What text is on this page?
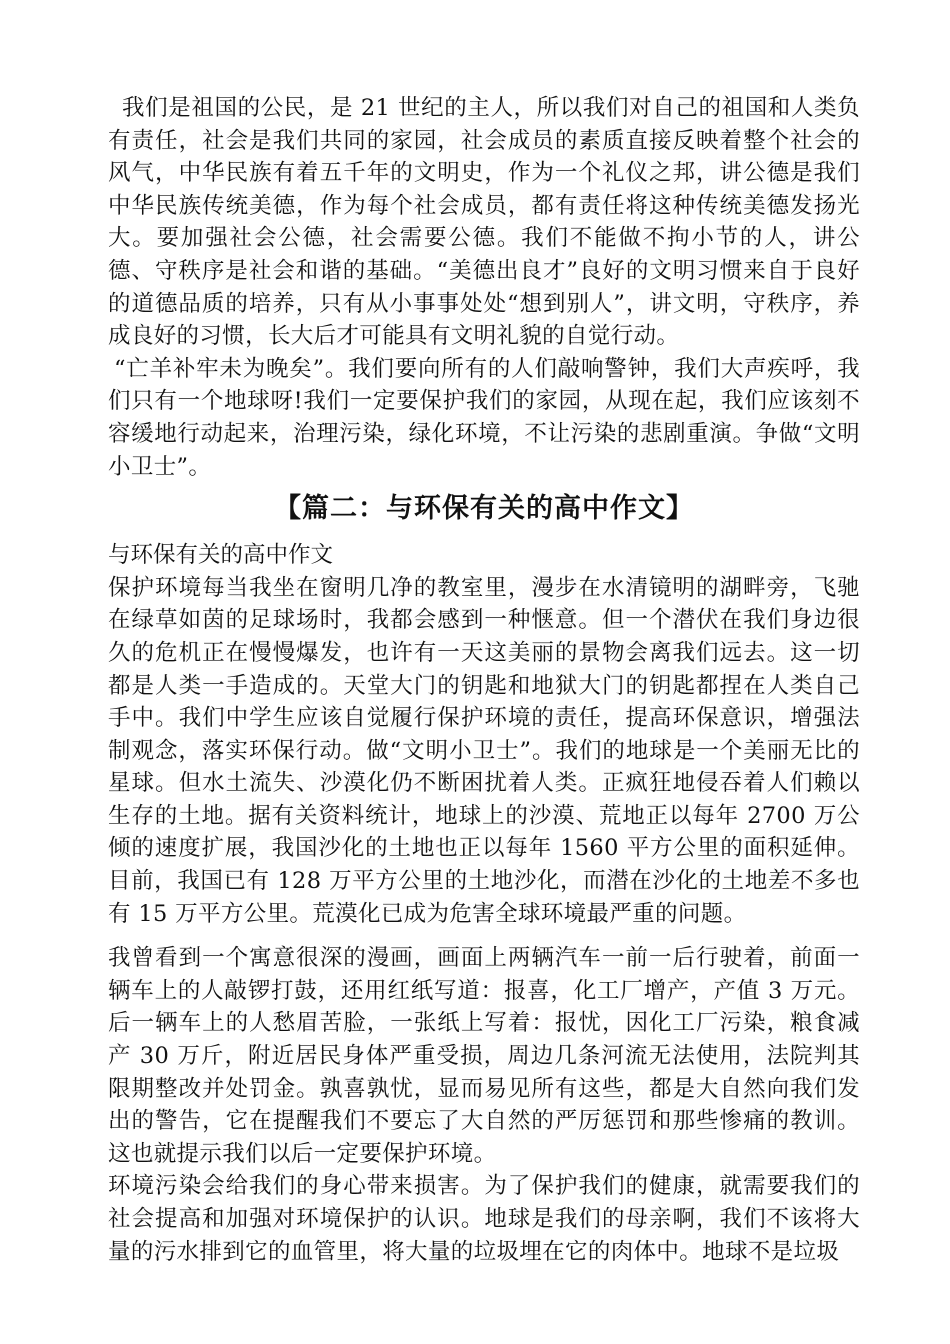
我们是祖国的公民，是 21 世纪的主人，所以我们对自己的祖国和人类负有责任，社会是我们共同的家园，社会成员的素质直接反映着整个社会的风气，中华民族有着五千年的文明史，作为一个礼仪之邦，讲公德是我们中华民族传统美德，作为每个社会成员，都有责任将这种传统美德发扬光大。要加强社会公德，社会需要公德。我们不能做不拘小节的人，讲公德、守秩序是社会和谐的基础。“美德出良才”良好的文明习惯来自于良好的道德品质的培养，只有从小事事处处“想到别人”，讲文明，守秩序，养成良好的习惯，长大后才可能具有文明礼貌的自觉行动。

“亡羊补牢未为晚矣”。我们要向所有的人们敲响警钟，我们大声疾呼，我们只有一个地球呀!我们一定要保护我们的家园，从现在起，我们应该刻不容缓地行动起来，治理污染，绿化环境，不让污染的悲剧重演。争做“文明小卫士”。

【篇二：与环保有关的高中作文】

与环保有关的高中作文

保护环境每当我坐在窗明几净的教室里，漫步在水清镜明的湖畔旁，飞驰在绿草如茵的足球场时，我都会感到一种惬意。但一个潜伏在我们身边很久的危机正在慢慢爆发，也许有一天这美丽的景物会离我们远去。这一切都是人类一手造成的。天堂大门的钥匙和地狱大门的钥匙都捏在人类自己手中。我们中学生应该自觉履行保护环境的责任，提高环保意识，增强法制观念，落实环保行动。做“文明小卫士”。我们的地球是一个美丽无比的星球。但水土流失、沙漠化仍不断困扰着人类。正疯狂地侵吞着人们赖以生存的土地。据有关资料统计，地球上的沙漠、荒地正以每年 2700 万公倾的速度扩展，我国沙化的土地也正以每年 1560 平方公里的面积延伸。目前，我国已有 128 万平方公里的土地沙化，而潜在沙化的土地差不多也有 15 万平方公里。荒漠化已成为危害全球环境最严重的问题。

我曾看到一个寓意很深的漫画，画面上两辆汽车一前一后行驶着，前面一辆车上的人敲锣打鼓，还用红纸写道：报喜，化工厂增产，产值 3 万元。后一辆车上的人愁眉苦脸，一张纸上写着：报忧，因化工厂污染，粮食减产 30 万斤，附近居民身体严重受损，周边几条河流无法使用，法院判其限期整改并处罚金。孰喜孰忧，显而易见所有这些，都是大自然向我们发出的警告，它在提醒我们不要忘了大自然的严厉惩罚和那些惨痛的教训。这也就提示我们以后一定要保护环境。

环境污染会给我们的身心带来损害。为了保护我们的健康，就需要我们的社会提高和加强对环境保护的认识。地球是我们的母亲啊，我们不该将大量的污水排到它的血管里，将大量的垃圾埋在它的肉体中。地球不是垃圾
